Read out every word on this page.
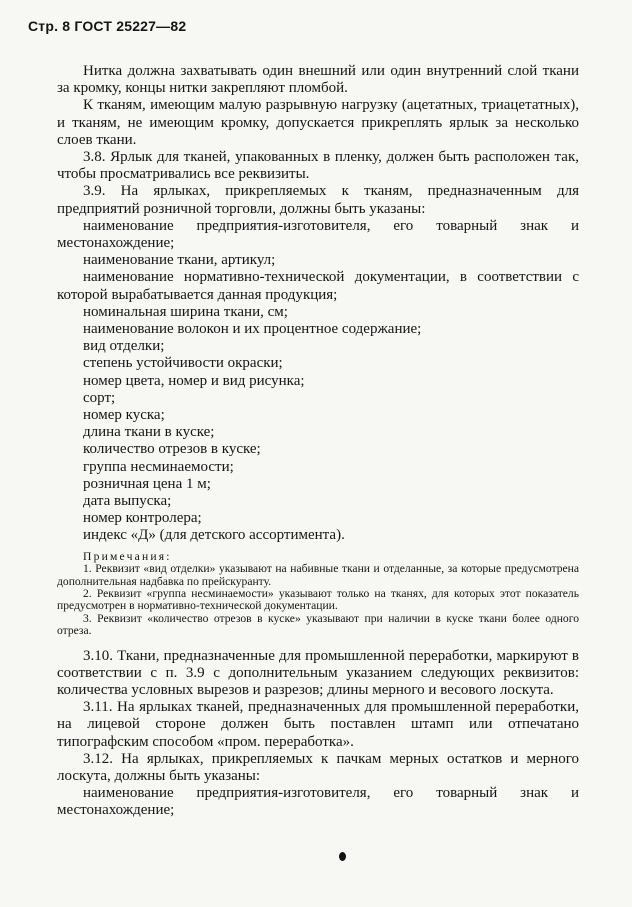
Стр. 8 ГОСТ 25227—82

Нитка должна захватывать один внешний или один внутренний слой ткани за кромку, концы нитки закрепляют пломбой.

К тканям, имеющим малую разрывную нагрузку (ацетатных, триацетатных), и тканям, не имеющим кромку, допускается прикреплять ярлык за несколько слоев ткани.

3.8. Ярлык для тканей, упакованных в пленку, должен быть расположен так, чтобы просматривались все реквизиты.

3.9. На ярлыках, прикрепляемых к тканям, предназначенным для предприятий розничной торговли, должны быть указаны:

наименование предприятия-изготовителя, его товарный знак и местонахождение;

наименование ткани, артикул;

наименование нормативно-технической документации, в соответствии с которой вырабатывается данная продукция;

номинальная ширина ткани, см;

наименование волокон и их процентное содержание;

вид отделки;

степень устойчивости окраски;

номер цвета, номер и вид рисунка;

сорт;

номер куска;

длина ткани в куске;

количество отрезов в куске;

группа несминаемости;

розничная цена 1 м;

дата выпуска;

номер контролера;

индекс «Д» (для детского ассортимента).

Примечания:

1. Реквизит «вид отделки» указывают на набивные ткани и отделанные, за которые предусмотрена дополнительная надбавка по прейскуранту.

2. Реквизит «группа несминаемости» указывают только на тканях, для которых этот показатель предусмотрен в нормативно-технической документации.

3. Реквизит «количество отрезов в куске» указывают при наличии в куске ткани более одного отреза.

3.10. Ткани, предназначенные для промышленной переработки, маркируют в соответствии с п. 3.9 с дополнительным указанием следующих реквизитов: количества условных вырезов и разрезов; длины мерного и весового лоскута.

3.11. На ярлыках тканей, предназначенных для промышленной переработки, на лицевой стороне должен быть поставлен штамп или отпечатано типографским способом «пром. переработка».

3.12. На ярлыках, прикрепляемых к пачкам мерных остатков и мерного лоскута, должны быть указаны:

наименование предприятия-изготовителя, его товарный знак и местонахождение;
